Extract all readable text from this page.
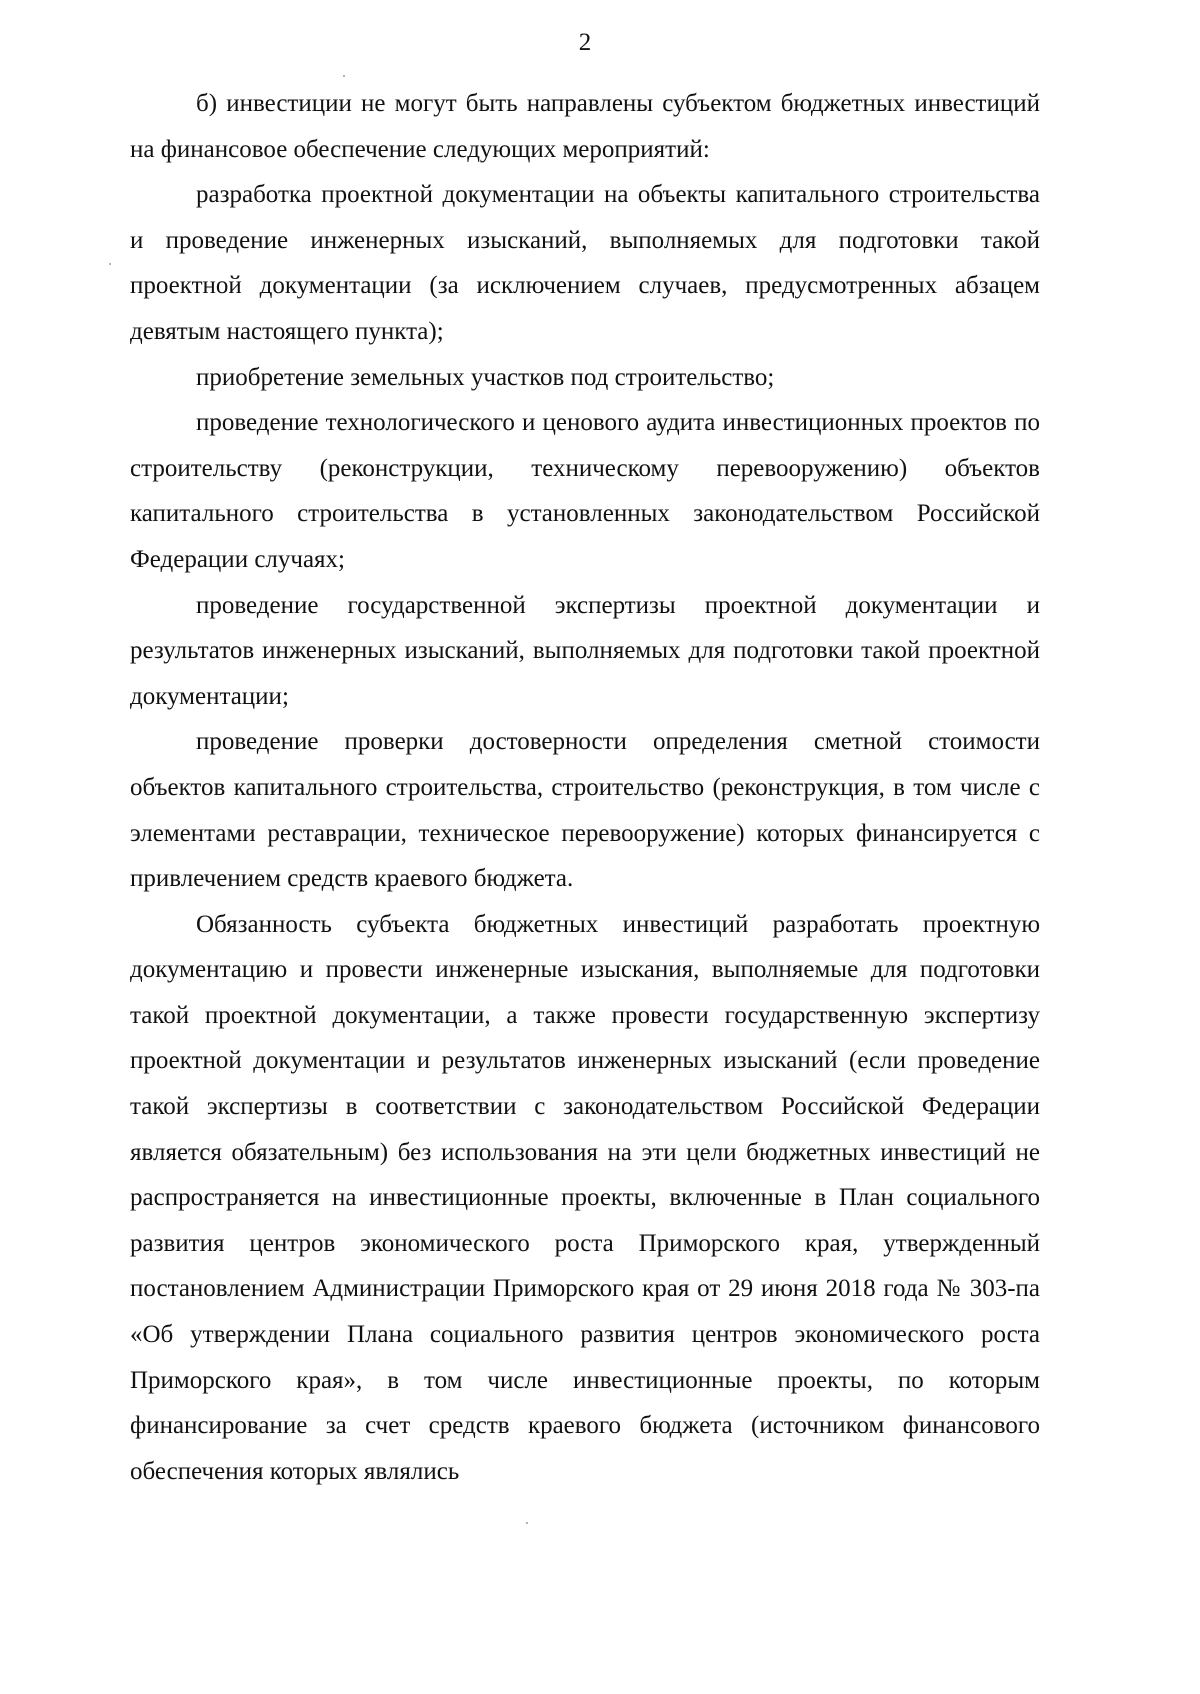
2

б) инвестиции не могут быть направлены субъектом бюджетных инвестиций на финансовое обеспечение следующих мероприятий:

разработка проектной документации на объекты капитального строительства и проведение инженерных изысканий, выполняемых для подготовки такой проектной документации (за исключением случаев, предусмотренных абзацем девятым настоящего пункта);

приобретение земельных участков под строительство;

проведение технологического и ценового аудита инвестиционных проектов по строительству (реконструкции, техническому перевооружению) объектов капитального строительства в установленных законодательством Российской Федерации случаях;

проведение государственной экспертизы проектной документации и результатов инженерных изысканий, выполняемых для подготовки такой проектной документации;

проведение проверки достоверности определения сметной стоимости объектов капитального строительства, строительство (реконструкция, в том числе с элементами реставрации, техническое перевооружение) которых финансируется с привлечением средств краевого бюджета.

Обязанность субъекта бюджетных инвестиций разработать проектную документацию и провести инженерные изыскания, выполняемые для подготовки такой проектной документации, а также провести государственную экспертизу проектной документации и результатов инженерных изысканий (если проведение такой экспертизы в соответствии с законодательством Российской Федерации является обязательным) без использования на эти цели бюджетных инвестиций не распространяется на инвестиционные проекты, включенные в План социального развития центров экономического роста Приморского края, утвержденный постановлением Администрации Приморского края от 29 июня 2018 года № 303-па «Об утверждении Плана социального развития центров экономического роста Приморского края», в том числе инвестиционные проекты, по которым финансирование за счет средств краевого бюджета (источником финансового обеспечения которых являлись
